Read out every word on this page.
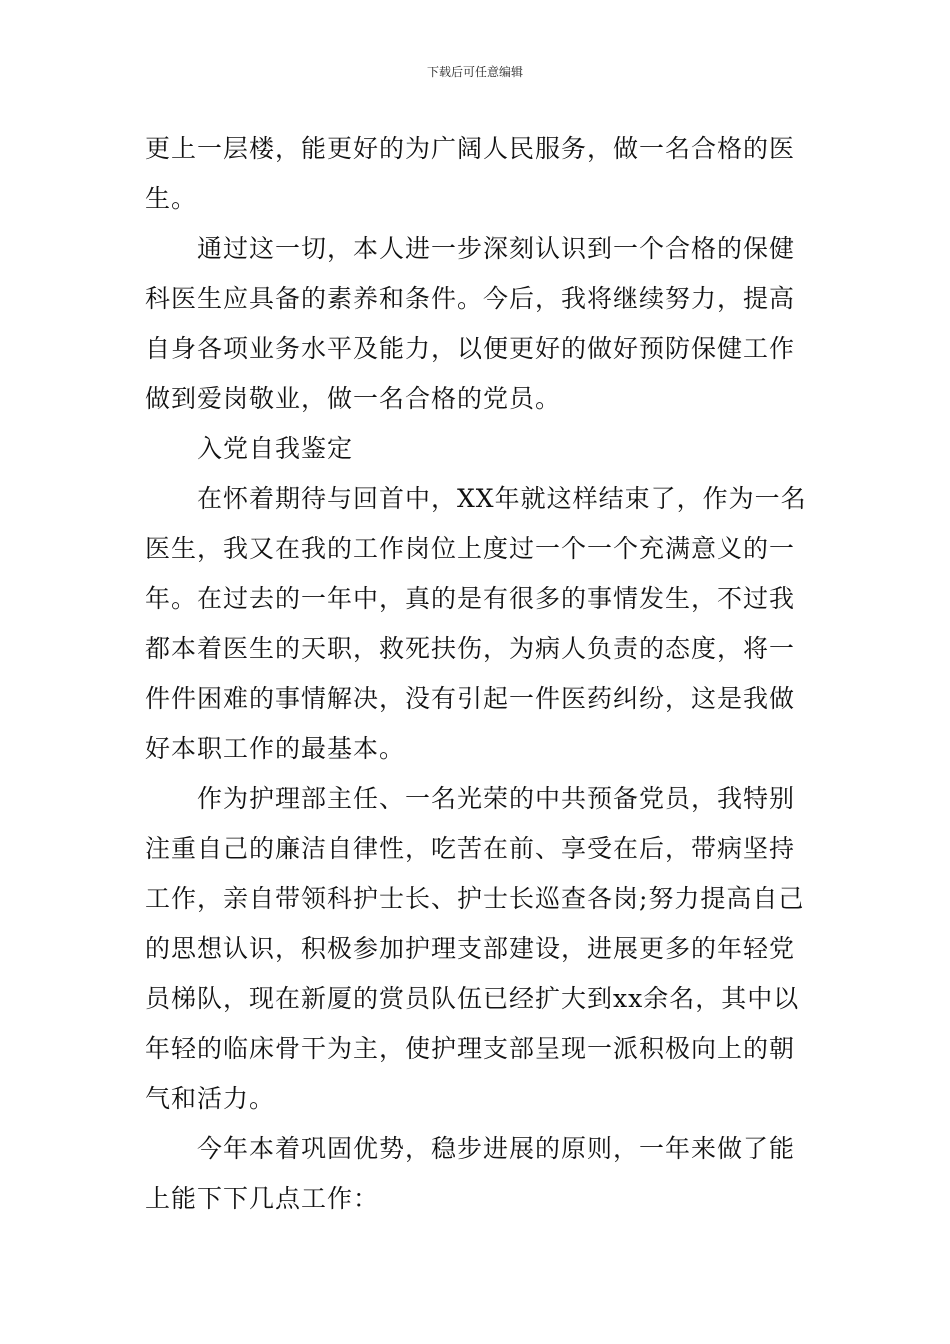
下载后可任意编辑

更上一层楼，能更好的为广阔人民服务，做一名合格的医生。

通过这一切，本人进一步深刻认识到一个合格的保健科医生应具备的素养和条件。今后，我将继续努力，提高自身各项业务水平及能力，以便更好的做好预防保健工作做到爱岗敬业，做一名合格的党员。

入党自我鉴定

在怀着期待与回首中，XX年就这样结束了，作为一名医生，我又在我的工作岗位上度过一个一个充满意义的一年。在过去的一年中，真的是有很多的事情发生，不过我都本着医生的天职，救死扶伤，为病人负责的态度，将一件件困难的事情解决，没有引起一件医药纠纷，这是我做好本职工作的最基本。

作为护理部主任、一名光荣的中共预备党员，我特别注重自己的廉洁自律性，吃苦在前、享受在后，带病坚持工作，亲自带领科护士长、护士长巡查各岗;努力提高自己的思想认识，积极参加护理支部建设，进展更多的年轻党员梯队，现在新厦的赏员队伍已经扩大到xx余名，其中以年轻的临床骨干为主，使护理支部呈现一派积极向上的朝气和活力。

今年本着巩固优势，稳步进展的原则，一年来做了能上能下下几点工作：
